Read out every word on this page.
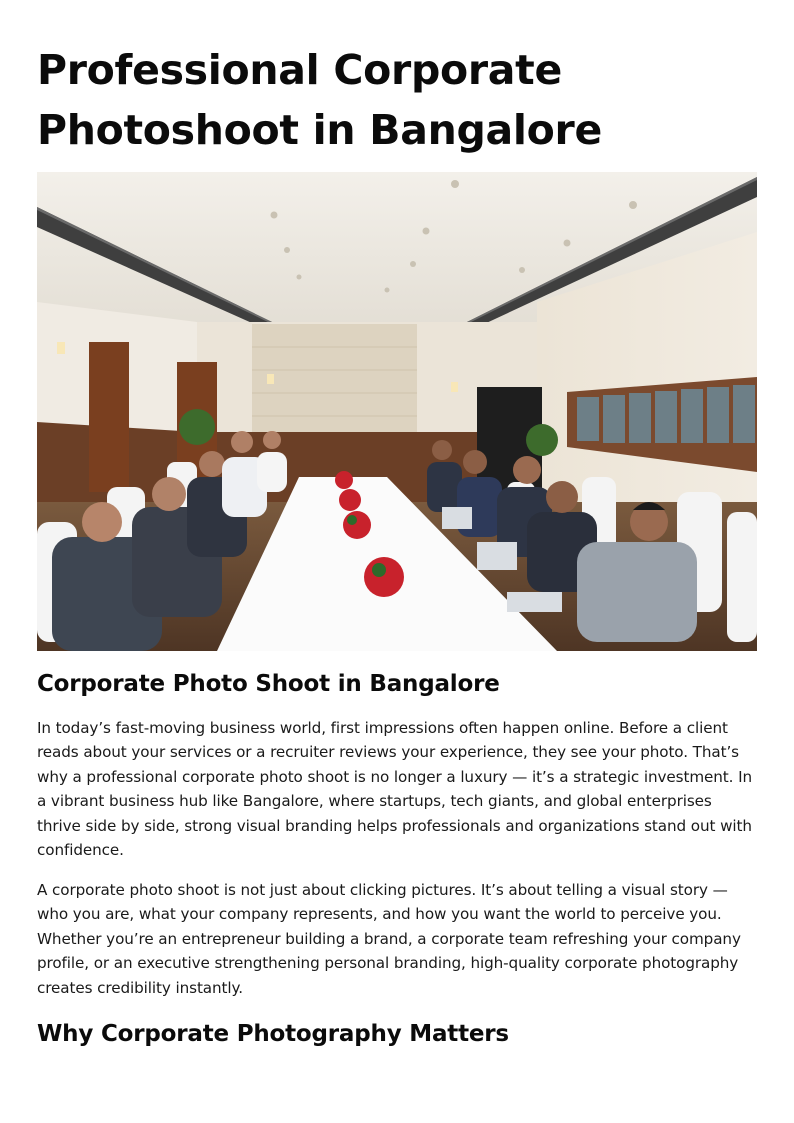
Professional Corporate Photoshoot in Bangalore
Corporate Photo Shoot in Bangalore

In today’s fast-moving business world, first impressions often happen online. Before a client reads about your services or a recruiter reviews your experience, they see your photo. That’s why a professional corporate photo shoot is no longer a luxury — it’s a strategic investment. In a vibrant business hub like Bangalore, where startups, tech giants, and global enterprises thrive side by side, strong visual branding helps professionals and organizations stand out with confidence.

A corporate photo shoot is not just about clicking pictures. It’s about telling a visual story — who you are, what your company represents, and how you want the world to perceive you. Whether you’re an entrepreneur building a brand, a corporate team refreshing your company profile, or an executive strengthening personal branding, high-quality corporate photography creates credibility instantly.

Why Corporate Photography Matters
